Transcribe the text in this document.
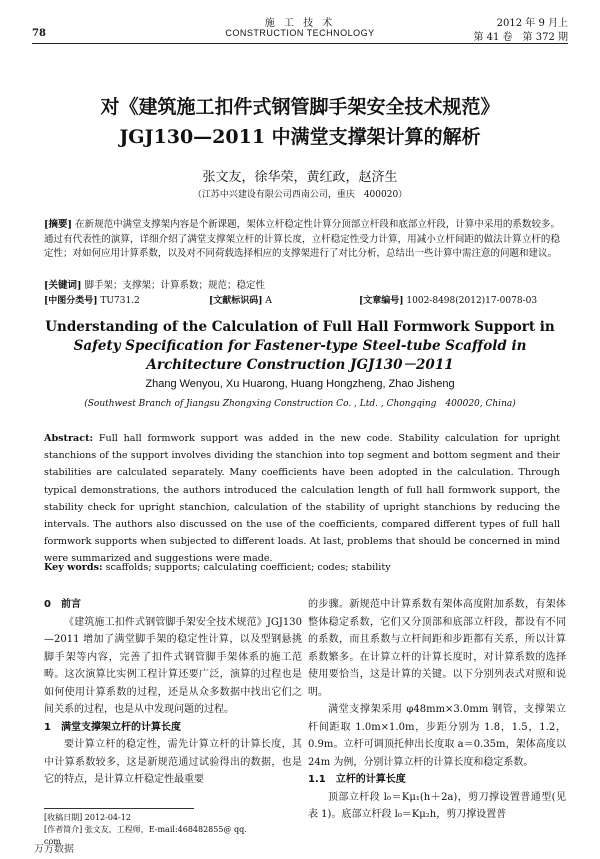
施 工 技 术
CONSTRUCTION TECHNOLOGY
78
2012 年 9 月上
第 41 卷　第 372 期
对《建筑施工扣件式钢管脚手架安全技术规范》
JGJ130—2011 中满堂支撑架计算的解析
张文友，徐华荣，黄红政，赵济生
（江苏中兴建设有限公司西南公司，重庆　400020）
[摘要] 在新规范中满堂支撑架内容是个新课题，架体立杆稳定性计算分顶部立杆段和底部立杆段，计算中采用的系数较多。通过有代表性的演算，详细介绍了满堂支撑架立杆的计算长度，立杆稳定性受力计算，用减小立杆间距的做法计算立杆的稳定性；对如何应用计算系数，以及对不同荷载选择相应的支撑架进行了对比分析，总结出一些计算中需注意的问题和建议。
[关键词] 脚手架；支撑架；计算系数；规范；稳定性
[中图分类号] TU731.2	[文献标识码] A	[文章编号] 1002-8498(2012)17-0078-03
Understanding of the Calculation of Full Hall Formwork Support in
Safety Specification for Fastener-type Steel-tube Scaffold in
Architecture Construction JGJ130－2011
Zhang Wenyou, Xu Huarong, Huang Hongzheng, Zhao Jisheng
(Southwest Branch of Jiangsu Zhongxing Construction Co. , Ltd. , Chongqing　400020, China)
Abstract: Full hall formwork support was added in the new code. Stability calculation for upright stanchions of the support involves dividing the stanchion into top segment and bottom segment and their stabilities are calculated separately. Many coefficients have been adopted in the calculation. Through typical demonstrations, the authors introduced the calculation length of full hall formwork support, the stability check for upright stanchion, calculation of the stability of upright stanchions by reducing the intervals. The authors also discussed on the use of the coefficients, compared different types of full hall formwork supports when subjected to different loads. At last, problems that should be concerned in mind were summarized and suggestions were made.
Key words: scaffolds; supports; calculating coefficient; codes; stability
0　前言
《建筑施工扣件式钢管脚手架安全技术规范》JGJ130—2011 增加了满堂脚手架的稳定性计算，以及型钢悬挑脚手架等内容，完善了扣件式钢管脚手架体系的施工范畴。这次演算比实例工程计算还要广泛，演算的过程也是如何使用计算系数的过程，还是从众多数据中找出它们之间关系的过程，也是从中发现问题的过程。
1　满堂支撑架立杆的计算长度
要计算立杆的稳定性，需先计算立杆的计算长度，其中计算系数较多，这是新规范通过试验得出的数据，也是它的特点，是计算立杆稳定性最重要
的步骤。新规范中计算系数有架体高度附加系数，有架体整体稳定系数，它们又分顶部和底部立杆段，都设有不同的系数，而且系数与立杆间距和步距都有关系，所以计算系数繁多。在计算立杆的计算长度时，对计算系数的选择使用要恰当，这是计算的关键。以下分别列表式对照和说明。
满堂支撑架采用 φ48mm×3.0mm 钢管，支撑架立杆间距取 1.0m×1.0m，步距分别为 1.8，1.5，1.2，0.9m。立杆可调顶托伸出长度取 a＝0.35m，架体高度以 24m 为例，分别计算立杆的计算长度和稳定系数。
1.1　立杆的计算长度
顶部立杆段 l₀＝Kμ₁(h＋2a)，剪刀撑设置普通型(见表 1)。底部立杆段 l₀＝Kμ₂h，剪刀撑设置普
[收稿日期] 2012-04-12
[作者简介] 张文友，工程师，E-mail:468482855@ qq. com
万方数据
